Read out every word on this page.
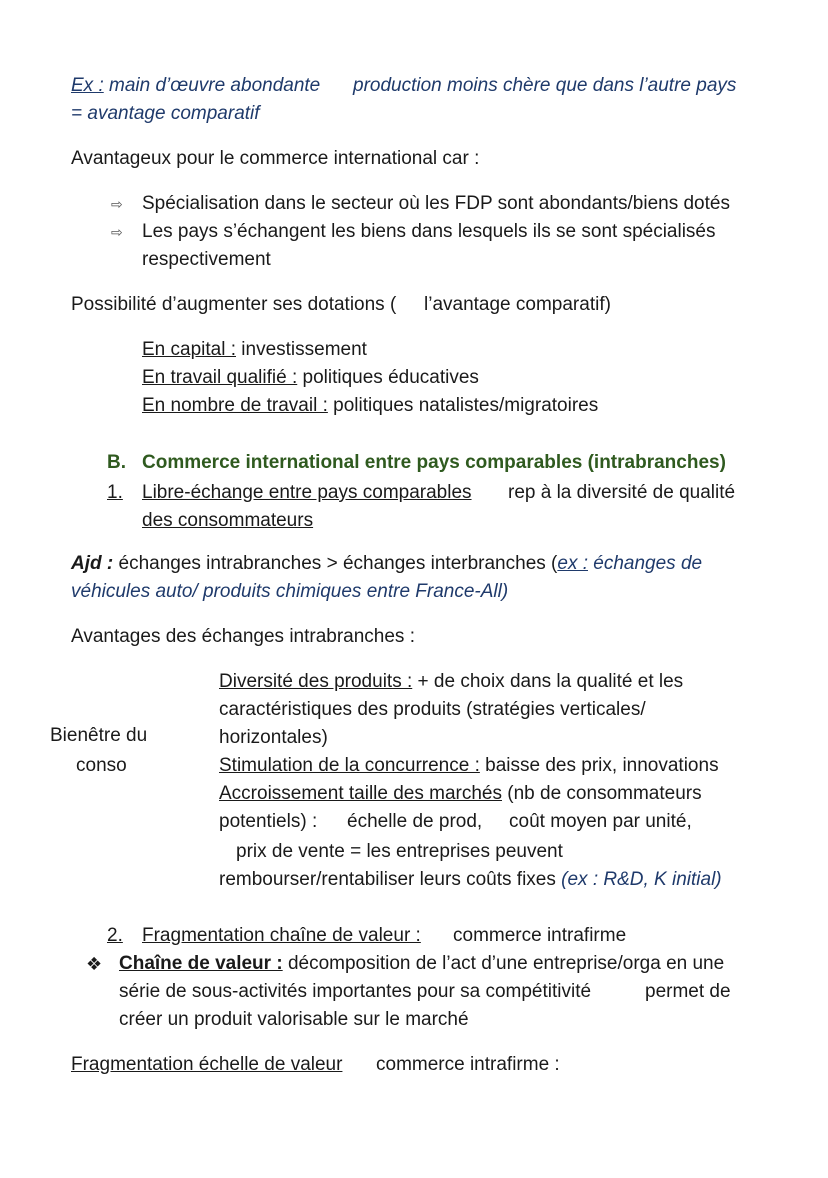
Ex : main d’œuvre abondante production moins chère que dans l’autre pays
= avantage comparatif
Avantageux pour le commerce international car :
⇨ Spécialisation dans le secteur où les FDP sont abondants/biens dotés
⇨ Les pays s’échangent les biens dans lesquels ils se sont spécialisés
respectivement
Possibilité d’augmenter ses dotations ( l’avantage comparatif)
En capital : investissement
En travail qualifié : politiques éducatives
En nombre de travail : politiques natalistes/migratoires
B. Commerce international entre pays comparables (intrabranches)
1. Libre-échange entre pays comparables rep à la diversité de qualité
des consommateurs
Ajd : échanges intrabranches > échanges interbranches (ex : échanges de
véhicules auto/ produits chimiques entre France-All)
Avantages des échanges intrabranches :
Bienêtre du
conso
Diversité des produits : + de choix dans la qualité et les
caractéristiques des produits (stratégies verticales/
horizontales)
Stimulation de la concurrence : baisse des prix, innovations
Accroissement taille des marchés (nb de consommateurs
potentiels) : échelle de prod, coût moyen par unité,
prix de vente = les entreprises peuvent
rembourser/rentabiliser leurs coûts fixes (ex : R&D, K initial)
2. Fragmentation chaîne de valeur : commerce intrafirme
❖ Chaîne de valeur : décomposition de l’act d’une entreprise/orga en une
série de sous-activités importantes pour sa compétitivité	permet de
créer un produit valorisable sur le marché
Fragmentation échelle de valeur commerce intrafirme :
